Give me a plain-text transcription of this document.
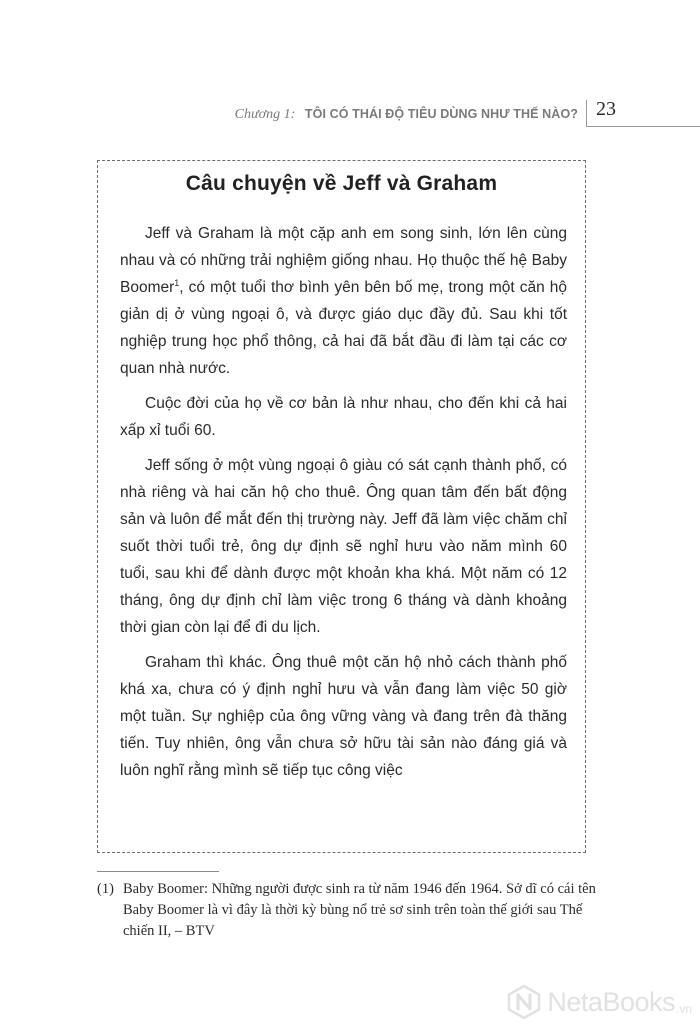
Chương 1: TÔI CÓ THÁI ĐỘ TIÊU DÙNG NHƯ THẾ NÀO? 23
Câu chuyện về Jeff và Graham

Jeff và Graham là một cặp anh em song sinh, lớn lên cùng nhau và có những trải nghiệm giống nhau. Họ thuộc thế hệ Baby Boomer$^1$, có một tuổi thơ bình yên bên bố mẹ, trong một căn hộ giản dị ở vùng ngoại ô, và được giáo dục đầy đủ. Sau khi tốt nghiệp trung học phổ thông, cả hai đã bắt đầu đi làm tại các cơ quan nhà nước.

Cuộc đời của họ về cơ bản là như nhau, cho đến khi cả hai xấp xỉ tuổi 60.

Jeff sống ở một vùng ngoại ô giàu có sát cạnh thành phố, có nhà riêng và hai căn hộ cho thuê. Ông quan tâm đến bất động sản và luôn để mắt đến thị trường này. Jeff đã làm việc chăm chỉ suốt thời tuổi trẻ, ông dự định sẽ nghỉ hưu vào năm mình 60 tuổi, sau khi để dành được một khoản kha khá. Một năm có 12 tháng, ông dự định chỉ làm việc trong 6 tháng và dành khoảng thời gian còn lại để đi du lịch.

Graham thì khác. Ông thuê một căn hộ nhỏ cách thành phố khá xa, chưa có ý định nghỉ hưu và vẫn đang làm việc 50 giờ một tuần. Sự nghiệp của ông vững vàng và đang trên đà thăng tiến. Tuy nhiên, ông vẫn chưa sở hữu tài sản nào đáng giá và luôn nghĩ rằng mình sẽ tiếp tục công việc

(1) Baby Boomer: Những người được sinh ra từ năm 1946 đến 1964. Sở dĩ có cái tên Baby Boomer là vì đây là thời kỳ bùng nổ trẻ sơ sinh trên toàn thế giới sau Thế chiến II, – BTV
NetaBooks .vn
